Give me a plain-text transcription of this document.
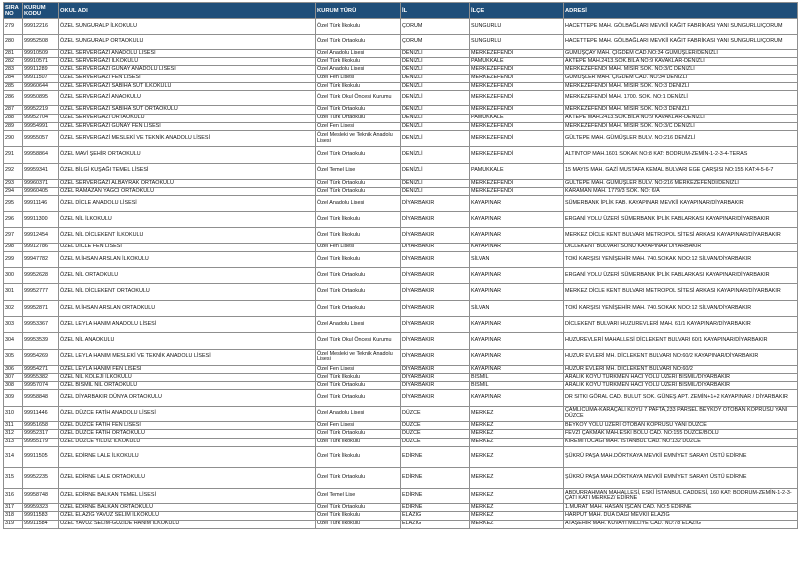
SIRA NO	KURUM KODU	OKUL ADI	KURUM TÜRÜ	İL	İLÇE	ADRESİ
279	99912216	ÖZEL SUNGURALP İLKOKULU	Özel Türk İlkokulu	ÇORUM	SUNGURLU	HACETTEPE MAH. GÖLBAĞLARI MEVKİİ KAĞIT FABRİKASI YANI SUNGURLU/ÇORUM
280	99952508	ÖZEL SUNGURALP ORTAOKULU	Özel Türk Ortaokulu	ÇORUM	SUNGURLU	HACETTEPE MAH. GÖLBAĞLARI MEVKİİ KAĞIT FABRİKASI YANI SUNGURLU/ÇORUM
281	99910509	ÖZEL SERVERGAZİ ANADOLU LİSESİ	Özel Anadolu Lisesi	DENİZLİ	MERKEZEFENDİ	GÜMÜŞÇAY MAH. ÇİĞDEM CAD.NO:34 GÜMÜŞLER/DENİZLİ
282	99910571	ÖZEL SERVERGAZİ İLKOKULU	Özel Türk İlkokulu	DENİZLİ	PAMUKKALE	AKTEPE MAH.2413.SOK.BİLA NO:9 KAVAKLAR-DENİZLİ
283	99911289	ÖZEL SERVERGAZİ GÜNAY ANADOLU LİSESİ	Özel Anadolu Lisesi	DENİZLİ	MERKEZEFENDİ	MERKEZEFENDİ MAH. MISIR SOK. NO:3/C DENİZLİ
284	99911507	ÖZEL SERVERGAZİ FEN LİSESİ	Özel Fen Lisesi	DENİZLİ	MERKEZEFENDİ	GÜMÜŞLER MAH. ÇİĞDEM CAD. NO:34 DENİZLİ
285	99960644	ÖZEL SERVERGAZİ SABİHA SÜT İLKOKULU	Özel Türk İlkokulu	DENİZLİ	MERKEZEFENDİ	MERKEZEFENDİ MAH. MISIR SOK. NO:3 DENİZLİ
286	99950895	ÖZEL SERVERGAZİ ANAOKULU	Özel Türk Okul Öncesi Kurumu	DENİZLİ	MERKEZEFENDİ	MERKEZEFENDİ MAH. 1700. SOK. NO:1 DENİZLİ
287	99952219	ÖZEL SERVERGAZİ SABİHA SÜT ORTAOKULU	Özel Türk Ortaokulu	DENİZLİ	MERKEZEFENDİ	MERKEZEFENDİ MAH. MISIR SOK. NO:3 DENİZLİ
288	99952704	ÖZEL SERVERGAZİ ORTAOKULU	Özel Türk Ortaokulu	DENİZLİ	PAMUKKALE	AKTEPE MAH.2413.SOK.BİLA NO:9 KAVAKLAR-DENİZLİ
289	99954991	ÖZEL SERVERGAZİ GÜNAY FEN LİSESİ	Özel Fen Lisesi	DENİZLİ	MERKEZEFENDİ	MERKEZEFENDİ MAH. MISIR SOK. NO:3/C DENİZLİ
290	99955057	ÖZEL SERVERGAZİ MESLEKİ VE TEKNİK ANADOLU LİSESİ	Özel Mesleki ve Teknik Anadolu Lisesi	DENİZLİ	MERKEZEFENDİ	GÜLTEPE MAH. GÜMÜŞLER BULV. NO:216 DENİZLİ
291	99958864	ÖZEL MAVİ ŞEHİR ORTAOKULU	Özel Türk Ortaokulu	DENİZLİ	MERKEZEFENDİ	ALTINTOP MAH.1601 SOKAK NO:8 KAT: BODRUM-ZEMİN-1-2-3-4-TERAS
292	99959341	ÖZEL BİLGİ KUŞAĞI TEMEL LİSESİ	Özel Temel Lise	DENİZLİ	PAMUKKALE	15 MAYIS MAH. GAZİ MUSTAFA KEMAL BULVARI EGE ÇARŞISI NO:155 KAT:4-5-6-7
293	99960371	ÖZEL SERVERGAZİ ALBAYRAK ORTAOKULU	Özel Türk Ortaokulu	DENİZLİ	MERKEZEFENDİ	GÜLTEPE MAH. GÜMÜŞLER BULV. NO:216 MERKEZEFENDİ/DENİZLİ
294	99960405	ÖZEL RAMAZAN YAĞCI ORTAOKULU	Özel Türk Ortaokulu	DENİZLİ	MERKEZEFENDİ	KARAMAN MAH. 1779/3 SOK. NO: 6/A
295	99911146	ÖZEL DİCLE ANADOLU LİSESİ	Özel Anadolu Lisesi	DİYARBAKIR	KAYAPINAR	SÜMERBANK İPLİK FAB. KAYAPINAR MEVKİİ KAYAPINAR/DİYARBAKIR
296	99911300	ÖZEL NİL İLKOKULU	Özel Türk İlkokulu	DİYARBAKIR	KAYAPINAR	ERGANİ YOLU ÜZERİ SÜMERBANK İPLİK FABLARKASI KAYAPINAR/DİYARBAKIR
297	99912454	ÖZEL NİL DİCLEKENT İLKOKULU	Özel Türk İlkokulu	DİYARBAKIR	KAYAPINAR	MERKEZ DİCLE KENT BULVARI METROPOL SİTESİ ARKASI KAYAPINAR/DİYARBAKIR
298	99912786	ÖZEL DİCLE FEN LİSESİ	Özel Fen Lisesi	DİYARBAKIR	KAYAPINAR	DİCLEKENT BULVARI SONU KAYAPINAR DİYARBAKIR
299	99947782	ÖZEL M.İHSAN ARSLAN İLKOKULU	Özel Türk İlkokulu	DİYARBAKIR	SİLVAN	TOKİ KARŞISI YENİŞEHİR MAH. 740.SOKAK NOO:12 SİLVAN/DİYARBAKIR
300	99952628	ÖZEL NİL ORTAOKULU	Özel Türk Ortaokulu	DİYARBAKIR	KAYAPINAR	ERGANİ YOLU ÜZERİ SÜMERBANK İPLİK FABLARKASI KAYAPINAR/DİYARBAKIR
301	99952777	ÖZEL NİL DİCLEKENT ORTAOKULU	Özel Türk Ortaokulu	DİYARBAKIR	KAYAPINAR	MERKEZ DİCLE KENT BULVARI METROPOL SİTESİ ARKASI KAYAPINAR/DİYARBAKIR
302	99952871	ÖZEL M.İHSAN ARSLAN ORTAOKULU	Özel Türk Ortaokulu	DİYARBAKIR	SİLVAN	TOKİ KARŞISI YENİŞEHİR MAH. 740.SOKAK NOO:12 SİLVAN/DİYARBAKIR
303	99953367	ÖZEL LEYLA HANIM ANADOLU LİSESİ	Özel Anadolu Lisesi	DİYARBAKIR	KAYAPINAR	DİCLEKENT BULVARI HUZUREVLERİ MAH. 61/1 KAYAPINAR/DİYARBAKIR
304	99953539	ÖZEL NİL ANAOKULU	Özel Türk Okul Öncesi Kurumu	DİYARBAKIR	KAYAPINAR	HUZUREVLERİ MAHALLESİ DİCLEKENT BULVARI 60/1 KAYAPINAR/DİYARBAKIR
305	99954269	ÖZEL LEYLA HANIM MESLEKİ VE TEKNİK ANADOLU LİSESİ	Özel Mesleki ve Teknik Anadolu Lisesi	DİYARBAKIR	KAYAPINAR	HUZUR EVLERİ MH. DİCLEKENT BULVARI NO:60/2 KAYAPINAR/DİYARBAKIR
306	99954271	ÖZEL LEYLA HANIM FEN LİSESİ	Özel Fen Lisesi	DİYARBAKIR	KAYAPINAR	HUZUR EVLERİ MH. DİCLEKENT BULVARI NO:60/2
307	99955382	ÖZEL NİL KOLEJİ İLKOKULU	Özel Türk İlkokulu	DİYARBAKIR	BİSMİL	ARALIK KÖYÜ TÜRKMEN HACI YOLU ÜZERİ BİSMİL/DİYARBAKIR
308	99957074	ÖZEL BİSMİL NİL ORTAOKULU	Özel Türk Ortaokulu	DİYARBAKIR	BİSMİL	ARALIK KÖYÜ TÜRKMEN HACI YOLU ÜZERİ BİSMİL/DİYARBAKIR
309	99958848	ÖZEL DİYARBAKIR DÜNYA ORTAOKULU	Özel Türk Ortaokulu	DİYARBAKIR	KAYAPINAR	DR SITKI GÖRAL CAD. BULUT SOK. GÜNEŞ APT. ZEMİN+1+2 KAYAPINAR / DİYARBAKIR
310	99911446	ÖZEL DÜZCE FATİH ANADOLU LİSESİ	Özel Anadolu Lisesi	DÜZCE	MERKEZ	ÇAMLICUMA-KARAÇALI KÖYÜ 7 PAFTA,233 PARSEL BEYKÖY OTOBAN KÖPRÜSÜ YANI DÜZCE
311	99951658	ÖZEL DÜZCE FATİH FEN LİSESİ	Özel Fen Lisesi	DÜZCE	MERKEZ	BEYKÖY YOLU ÜZERİ OTOBAN KÖPRÜSÜ YANI DÜZCE
312	99952317	ÖZEL DÜZCE FATİH ORTAOKULU	Özel Türk Ortaokulu	DÜZCE	MERKEZ	FEVZİ ÇAKMAK MAH.ESKİ BOLU CAD. NO:155 DÜZCE/BOLU
313	99955179	ÖZEL DÜZCE YILDIZ İLKOKULU	Özel Türk İlkokulu	DÜZCE	MERKEZ	KİREMİTOCAĞI MAH. İSTANBUL CAD. NO:132 DÜZCE
314	99911505	ÖZEL EDİRNE LALE İLKOKULU	Özel Türk İlkokulu	EDİRNE	MERKEZ	ŞÜKRÜ PAŞA MAH.DÖRTKAYA MEVKİİ EMNİYET SARAYI ÜSTÜ EDİRNE
315	99952235	ÖZEL EDİRNE LALE ORTAOKULU	Özel Türk Ortaokulu	EDİRNE	MERKEZ	ŞÜKRÜ PAŞA MAH.DÖRTKAYA MEVKİİ EMNİYET SARAYI ÜSTÜ EDİRNE
316	99958748	ÖZEL EDİRNE BALKAN TEMEL LİSESİ	Özel Temel Lise	EDİRNE	MERKEZ	ABDURRAHMAN MAHALLESİ, ESKİ İSTANBUL CADDESİ, 160 KAT: BODRUM-ZEMİN-1-2-3- ÇATI KATI MERKEZ/ EDİRNE
317	99959323	ÖZEL EDİRNE BALKAN ORTAOKULU	Özel Türk Ortaokulu	EDİRNE	MERKEZ	1.MURAT MAH. HASAN İŞCAN CAD. NO:5 EDİRNE
318	99911583	ÖZEL ELAZIĞ YAVUZ SELİM İLKOKULU	Özel Türk İlkokulu	ELAZIĞ	MERKEZ	HARPUT MAH. DUA DAĞI MEVKİİ ELAZIĞ
319	99911584	ÖZEL YAVUZ SELİM-GÜZİDE HANIM İLKOKULU	Özel Türk İlkokulu	ELAZIĞ	MERKEZ	ATAŞEHİR MAH. KUVAYİ MİLLİYE CAD. NO:78 ELAZIĞ
